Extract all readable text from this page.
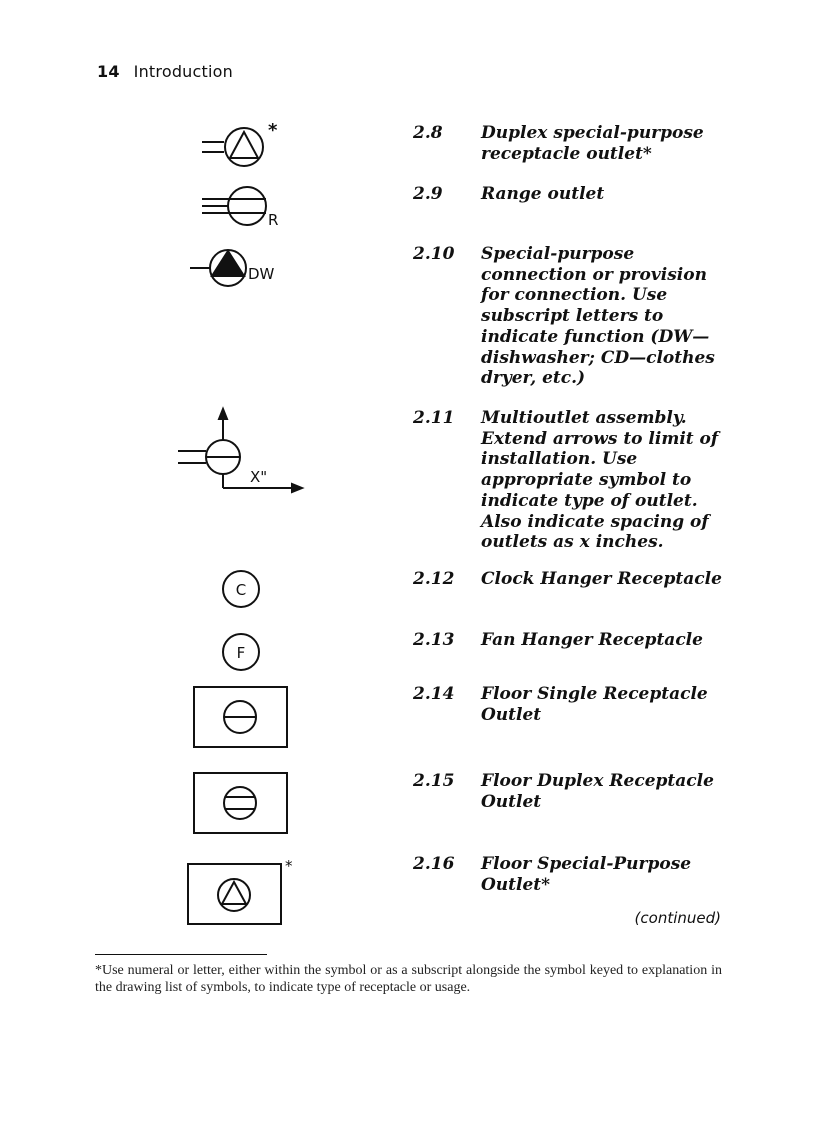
14 Introduction
*
R
DW
X"
C
F
*
2.8 Duplex special-purpose receptacle outlet*
2.9 Range outlet
2.10 Special-purpose connection or provision for connection. Use subscript letters to indicate function (DW—dishwasher; CD—clothes dryer, etc.)
2.11 Multioutlet assembly. Extend arrows to limit of installation. Use appropriate symbol to indicate type of outlet. Also indicate spacing of outlets as x inches.
2.12 Clock Hanger Receptacle
2.13 Fan Hanger Receptacle
2.14 Floor Single Receptacle Outlet
2.15 Floor Duplex Receptacle Outlet
2.16 Floor Special-Purpose Outlet*
(continued)
*Use numeral or letter, either within the symbol or as a subscript alongside the symbol keyed to explanation in the drawing list of symbols, to indicate type of receptacle or usage.
